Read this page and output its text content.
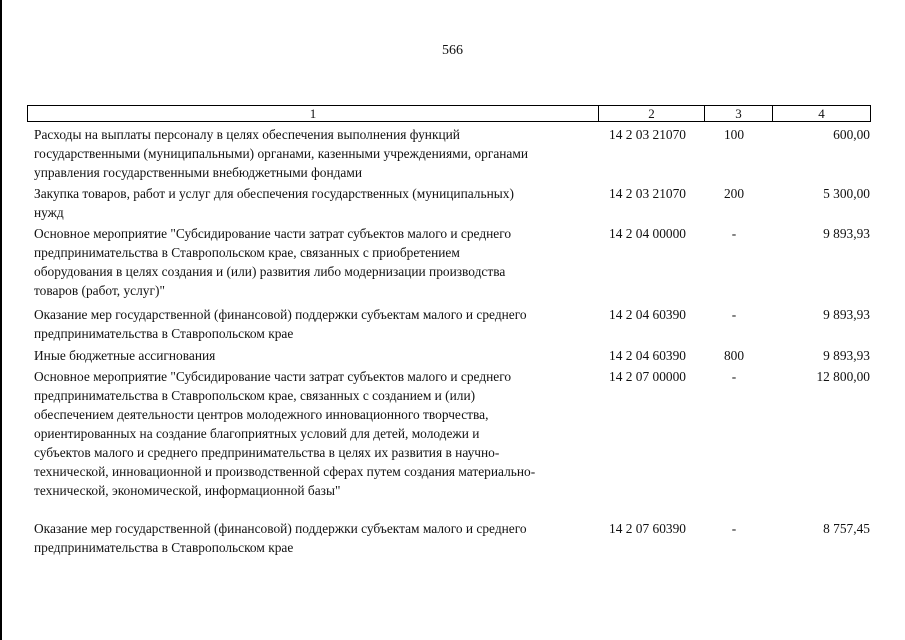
566
1	2	3	4
Расходы на выплаты персоналу в целях обеспечения выполнения функций
государственными (муниципальными) органами, казенными учреждениями, органами
управления государственными внебюджетными фондами
14 2 03 21070	100	600,00
Закупка товаров, работ и услуг для обеспечения государственных (муниципальных)
нужд
14 2 03 21070	200	5 300,00
Основное мероприятие "Субсидирование части затрат субъектов малого и среднего
предпринимательства в Ставропольском крае, связанных с приобретением
оборудования в целях создания и (или) развития либо модернизации производства
товаров (работ, услуг)"
14 2 04 00000	-	9 893,93
Оказание мер государственной (финансовой) поддержки субъектам малого и среднего
предпринимательства в Ставропольском крае
14 2 04 60390	-	9 893,93
Иные бюджетные ассигнования	14 2 04 60390	800	9 893,93
Основное мероприятие "Субсидирование части затрат субъектов малого и среднего
предпринимательства в Ставропольском крае, связанных с созданием и (или)
обеспечением деятельности центров молодежного инновационного творчества,
ориентированных на создание благоприятных условий для детей, молодежи и
субъектов малого и среднего предпринимательства в целях их развития в научно-
технической, инновационной и производственной сферах путем создания материально-
технической, экономической, информационной базы"
14 2 07 00000	-	12 800,00
Оказание мер государственной (финансовой) поддержки субъектам малого и среднего
предпринимательства в Ставропольском крае
14 2 07 60390	-	8 757,45
